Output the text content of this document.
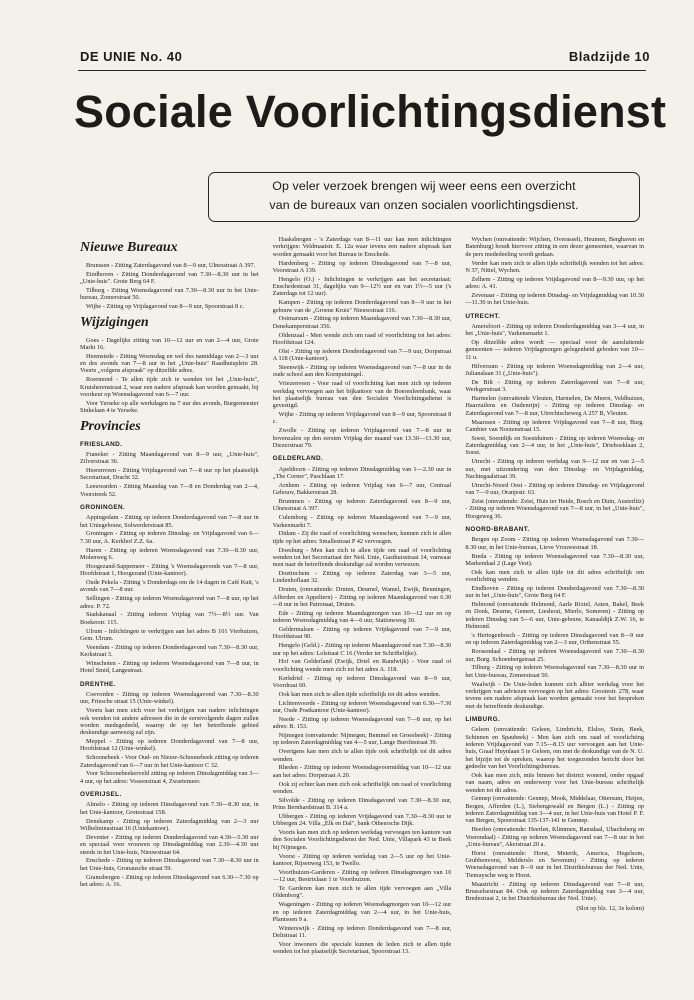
DE UNIE No. 40	Bladzijde 10
Sociale Voorlichtingsdienst
Op veler verzoek brengen wij weer eens een overzicht
van de bureaux van onzen socialen voorlichtingsdienst.
Nieuwe Bureaux

Brunssen - Zitting Zaterdagavond van 8—9 uur, Ulnesstraat A 397.

Eindhoven - Zitting Donderdagavond van 7.30—8.30 uur in het „Unie-huis". Grote Berg 64 F.

Tilburg - Zitting Woensdagavond van 7.30—8.30 uur in het Unie-bureau, Zomerstraat 50.

Wijhe - Zitting op Vrijdagavond van 8—9 uur, Spoorstraat 8 c.

Wijzigingen

Goes - Dagelijks zitting van 10—12 uur en van 2—4 uur, Grote Markt 16.

Heemstede - Zitting Woensdag en wel des namiddags van 2—3 uur en des avonds van 7—8 uur in het „Unie-huis" Raadhuisplein 28. Voorts „volgens afspraak" op ditzelfde adres.

Roermond - Te allen tijde zich te wenden tot het „Unie-huis", Kruisherenstraat 2, waar een nadere afspraak kan worden gemaakt, bij voorkeur op Woensdagavond van 6—7 uur.

Voor Yerseke op alle werkdagen na 7 uur des avonds, Burgemeester Sinkelaan 4 te Yerseke.

Provincies
FRIESLAND.

Franeker - Zitting Maandagavond van 8—9 uur, „Unie-huis", Zilverstraat 36.

Heerenveen - Zitting Vrijdagavond van 7—8 uur op het plaatselijk Secretariaat, Dracht 32.

Leeuwarden - Zitting Maandag van 7—8 en Donderdag van 2—4, Voorstreek 52.

GRONINGEN.

Appingedam - Zitting op iederen Donderdagavond van 7—8 uur in het Uniegebouw, Solwerderstraat 85.

Groningen - Zitting op iederen Dinsdag- en Vrijdagavond van 6—7.30 uur, A. Kerkhof Z.Z. 6a.

Haren - Zitting op iederen Woensdagavond van 7.30—8.30 uur, Molenweg 6.

Hoogezand-Sappemeer - Zitting 's Woensdagavonds van 7—8 uur, Hoofdstraat 1, Hoogezand (Unie-kantoor).

Oude Pekela - Zitting 's Donderdags om de 14 dagen in Café Kuit, 's avonds van 7—8 uur.

Sellingen - Zitting op iederen Woensdagavond van 7—8 uur, op het adres: P. 72.

Stadskanaal - Zitting iederen Vrijdag van 7½—8½ uur. Van Boekerstr. 115.

Ulrum - Inlichtingen te verkrijgen aan het adres B 101 Vierhuizen, Gem. Ulrum.

Veendam - Zitting op iederen Donderdagavond van 7.30—8.30 uur, Kerkstraat 3.

Winschoten - Zitting op iederen Woensdagavond van 7—8 uur, in Hotel Smid, Langestraat.

DRENTHE.

Coevorden - Zitting op iederen Woensdagavond van 7.30—8.30 uur, Friesche straat 15 (Unie-winkel).

Voorts kan men zich voor het verkrijgen van nadere inlichtingen ook wenden tot andere adressen die in de eerstvolgende dagen zullen worden medegedeeld, waarop de op het betreffende gebied deskundige aanwezig zal zijn.

Meppel - Zitting op iederen Donderdagavond van 7—8 uur, Hoofdstraat 12 (Unie-winkel).

Schoonebeek - Voor Oud- en Nieuw-Schoonebeek zitting op iederen Zaterdagavond van 6—7 uur in het Unie-kantoor C 32.

Voor Schoonebeekerveld zitting op iederen Dinsdagmiddag van 3—4 uur, op het adres: Vossenstraat 4, Zwartemeer.

OVERIJSEL.

Almelo - Zitting op iederen Dinsdagavond van 7.30—8.30 uur, in het Unie-kantoor, Grotestraat 158.

Denekamp - Zitting op iederen Zaterdagmiddag van 2—3 uur Wilhelminastraat 16 (Uniekantoor).

Deventer - Zitting op iederen Donderdagavond van 4.30—5.30 uur en speciaal voor vrouwen op Dinsdagmiddag van 2.30—4.30 uur steeds in het Unie-huis, Nieuwstraat 64.

Enschede - Zitting op iederen Dinsdagavond van 7.30—8.30 uur in het Unie-huis, Gronausche straat 59.

Gramsbergen - Zitting op iederen Dinsdagavond van 6.30—7.30 op het adres: A. 16.

Haaksbergen - 's Zaterdags van 8—11 uur kan men inlichtingen verkrijgen: Veldmaatstr. E. 12a waar tevens een nadere afspraak kan worden gemaakt voor het Bureau te Enschede.

Hardenberg - Zitting op iederen Dinsdagavond van 7—8 uur, Voorstraat A 139.

Hengelo (O.) - Inlichtingen te verkrijgen aan het secretariaat: Enschedestraat 31, dagelijks van 9—12½ uur en van 1½—5 uur ('s Zaterdags tot 12 uur).

Kampen - Zitting op iederen Donderdagavond van 8—9 uur in het gebouw van de „Groene Kruis" Nieuwstraat 116.

Ootmarsum - Zitting op iederen Maandagavond van 7.30—8.30 uur, Denekamperstraat 356.

Oldenzaal - Men wende zich om raad of voorlichting tot het adres: Hoofdstraat 124.

Olst - Zitting op iederen Donderdagavond van 7—9 uur, Dorpstraat A 118 (Unie-kantoor).

Steenwijk - Zitting op iederen Woensdagavond van 7—8 uur in de oude school aan den Kornputsingel.

Vriezenveen - Voor raad of voorlichting kan men zich op iederen werkdag vervoegen aan het bijkantoor van de Boerenleenbank, waar het plaatselijk bureau van den Socialen Voorlichtingsdienst is gevestigd.

Wijhe - Zitting op iederen Vrijdagavond van 8—9 uur, Spoorstraat 8 c.

Zwolle - Zitting op iederen Vrijdagavond van 7—8 uur in bovenzalen op den eersten Vrijdag der maand van 13.30—13.30 uur, Diezerstraat 79.

GELDERLAND.

Apeldoorn - Zitting op iederen Dinsdagmiddag van 1—2.30 uur in „The Corner", Paschlaan 17.

Arnhem - Zitting op iederen Vrijdag van 6—7 uur, Centraal Gebouw, Bakkerstraat 28.

Brummen - Zitting op iederen Zaterdagavond van 8—9 uur, Ulnesstraat A 397.

Culemborg - Zitting op iederen Maandagavond van 7—9 uur, Varkenmarkt 7.

Didam - Zij die raad of voorlichting wenschen, kunnen zich te allen tijde op het adres: Smallestraat P 42 vervoegen.

Doesburg - Men kan zich te allen tijde om raad of voorlichting wenden tot het Secretariaat der Ned. Unie, Gasthuisstraat 14, vanwaar men naar de betreffende deskundige zal worden verwezen.

Doetinchem - Zitting op iederen Zaterdag van 3—5 uur, Lindenhoflaan 32.

Druten, (omvattende: Druten, Deurnel, Wamel, Ewijk, Beuningen, Afferden en Appeltern) - Zitting op iederen Maandagavond van 6.30—8 uur in het Patronaat, Druten.

Ede - Zitting op iederen Maandagmorgen van 10—12 uur en op iederen Woensdagmiddag van 4—6 uur, Stationsweg 30.

Geldermalsen - Zitting op iederen Vrijdagavond van 7—9 uur, Hoofdstraat 90.

Hengelo (Geld.) - Zitting op iederen Maandagavond van 7.30—8.30 uur op het adres: Lolstraat C 16 (Verder ter Schriftelijke).

Hof van Gelderland (Ewijk, Driel en Randwijk) - Voor raad of voorlichting wende men zich tot het adres A. 118.

Kerkdriel - Zitting op iederen Dinsdagavond van 8—9 uur, Voordraai 60.

Ook kan men zich te allen tijde schriftelijk tot dit adres wenden.

Lichtenvoorde - Zitting op iederen Woensdagavond van 6.30—7.30 uur, Oude Postkantoor (Unie-kantoor).

Neede - Zitting op iederen Woensdagavond van 7—8 uur, op het adres: B. 153.

Nijmegen (omvattende: Nijmegen, Bemmel en Groesbeek) - Zitting op iederen Zaterdagmiddag van 4—5 uur, Lange Burchtstraat 39.

Overigens kan men zich te allen tijde ook schriftelijk tot dit adres wenden.

Rheden - Zitting op iederen Woensdagvoormiddag van 10—12 uur aan het adres: Dorpstraat A 20.

Ook zij echter kan men zich ook schriftelijk om raad of voorlichting wenden.

Silvolde - Zitting op iederen Dinsdagavond van 7.30—8.30 uur, Prins Bernhardstraat B. 314 a.

Ubbergen - Zitting op iederen Vrijdagavond van 7.30—8.30 uur te Ubbergen 24. Villa „Elk en Dal", bank Otheersche Dijk.

Voorts kan men zich op iederen werkdag vervoegen ten kantore van den Socialen Voorlichtingsdienst der Ned. Unie, Villapark 43 te Beek bij Nijmegen.

Voorst - Zitting op iederen werkdag van 2—5 uur op het Unie-kantoor, Rijsenweg 153, te Twello.

Voorthuizen-Garderen - Zitting op iederen Dinsdagmorgen van 10—12 uur, Bestrixlaan 1 te Voorthuizen.

Te Garderen kan men zich te allen tijde vervoegen aan „Villa Oldenborg".

Wageningen - Zitting op iederen Woensdagmorgen van 10—12 uur en op iederen Zaterdagmiddag van 2—4 uur, in het Unie-huis, Plantsoen 9 a.

Winterswijk - Zitting op iederen Donderdagavond van 7—8 uur, Deltstraat 11.

Voor inwoners die speciale kunnen de leden zich te allen tijde wenden tot het plaatselijk Secretariaat, Spoorstraat 13.

Wychen (omvattende: Wijchen, Overasselt, Heumen, Berghaven en Batenburg) houdt hiervoor zitting in een dezer gemeenten, waarvan in de pers mededeeling wordt gedaan.

Verder kan men zich te allen tijde schriftelijk wenden tot het adres: N 37, Nittel, Wychen.

Zelhem - Zitting op iederen Vrijdagavond van 8—9.30 uur, op het adres: A. 41.

Zevenaar - Zitting op iederen Dinsdag- en Vrijdagmiddag van 10.30—11.30 in het Unie-huis.

UTRECHT.

Amersfoort - Zitting op iederen Donderdagmiddag van 3—4 uur, in het „Unie-huis", Varkensmarkt 1.

Op ditzelfde adres wordt — speciaal voor de aansluitende gemeenten — iederen Vrijdagmorgen gelegenheid geboden van 10—11 u.

Hilversum - Zitting op iederen Woensdagmiddag van 2—4 uur, Julianalaan 31 („Unie-huis").

De Bilt - Zitting op iederen Zaterdagavond van 7—8 uur, Werkgerstraat 3.

Harmelen (omvattende Vleuten, Harmelen, De Meern, Veldhuizen, Haarzuilens en Oudenrijn) - Zitting op iederen Dinsdag- en Zaterdagavond van 7—8 uur, Utrechtscheweg A 257 B, Vleuten.

Maarssen - Zitting op iederen Vrijdagavond van 7—8 uur, Burg. Cambier van Nootenstraat 15.

Soest, Soestdijk en Soestduinen - Zitting op iederen Woensdag- en Zaterdagmiddag van 2—4 uur, in het „Unie-huis", Driehoeklaan 2, Soest.

Utrecht - Zitting op iederen werkdag van 9—12 uur en van 2—5 uur, met uitzondering van den Dinsdag- en Vrijdagmiddag, Nachtegaalstraat 39.

Utrecht-Noord Oost - Zitting op iederen Dinsdag- en Vrijdagavond van 7—9 uur, Oranjestr. 63.

Zeist (omvattende: Zeist, Huis ter Heide, Bosch en Duin, Austerlitz) - Zitting op iederen Woensdagavond van 7—8 uur, in het „Unie-huis", Hoogeweg 36.

NOORD-BRABANT.

Bergen op Zoom - Zitting op iederen Woensdagavond van 7.30—8.30 uur, in het Unie-bureau, Lieve Vrouwestraat 18.

Breda - Zitting op iederen Woensdagavond van 7.30—8.30 uur, Markendaal 2 (Lage Vest).

Ook kan men zich te allen tijde tot dit adres schriftelijk om voorlichting wenden.

Eindhoven - Zitting op iederen Donderdagavond van 7.30—8.30 uur in het „Unie-huis", Grote Berg 64 F.

Helmond (omvattende Helmond, Aarle Rixtel, Asten, Bakel, Beek en Donk, Deurne, Gemert, Lieshout, Mierlo, Someren) - Zitting op iederen Dinsdag van 5—6 uur, Unie-gebouw, Kanaaldijk Z.W. 16, te Helmond.

's Hertogenbosch - Zitting op iederen Dinsdagavond van 8—9 uur en op iederen Zaterdagmiddag van 2—3 uur, Orthenstraat 55.

Roosendaal - Zitting op iederen Woensdagavond van 7.30—8.30 uur, Burg. Schoenbergstraat 25.

Tilburg - Zitting op iederen Woensdagavond van 7.30—8.30 uur in het Unie-bureau, Zomerstraat 50.

Waalwijk - De Unie-leden kunnen zich alhier werkdag voor het verkrijgen van adviezen vervoegen op het adres: Grootestr. 278, waar tevens een nadere afspraak kan worden gemaakt voor het bespreken met de betreffende deskundige.

LIMBURG.

Geleen (omvattende: Geleen, Limbricht, Elsloo, Stein, Beek, Schinnen en Spaubeek) - Men kan zich om raad of voorlichting iederen Vrijdagavond van 7.15—8.15 uur vervoegen aan het Unie-huis, Graaf Huynlaan 5 te Geleen, om met de deskundige van de N. U. het bijzijn tot de spreken, waarop het toegezonden bericht door het gedeelte van het Voorlichtingsbureau.

Ook kan men zich, mits binnen het district wonend, onder opgaaf van naam, adres en onderwerp voor het Unie-bureau schriftelijk wenden tot dit adres.

Gennep (omvattende: Gennep, Mook, Middelaar, Ottersum, Heijen, Bergen, Afferden (L.), Siebengewald en Bergen (L.) - Zitting op iederen Zaterdagmiddag van 3—4 uur, in het Unie-huis van Hotel P. F. van Bergen, Spoorstraat 135-137-141 te Gennep.

Heerlen (omvattende: Heerlen, Klimmen, Ransdaal, Ubachsberg en Voerendaal) - Zitting op iederen Woensdagavond van 7—8 uur in het „Unie-bureau", Akerstraat 20 a.

Horst (omvattende: Horst, Meterik, America, Hegelsom, Grubbenvorst, Melderslo en Sevenum) - Zitting op iederen Woensdagavond van 8—9 uur in het Distriktsbureau der Ned. Unie, Tienraysche weg te Horst.

Maastricht - Zitting op iederen Dinsdagavond van 7—8 uur, Brusselsestraat 84. Ook op iederen Zaterdagmiddag van 3—4 uur, Bredestraat 2, in het Distriktsbureau der Ned. Unie).

(Slot op blz. 12, 3e kolom)
